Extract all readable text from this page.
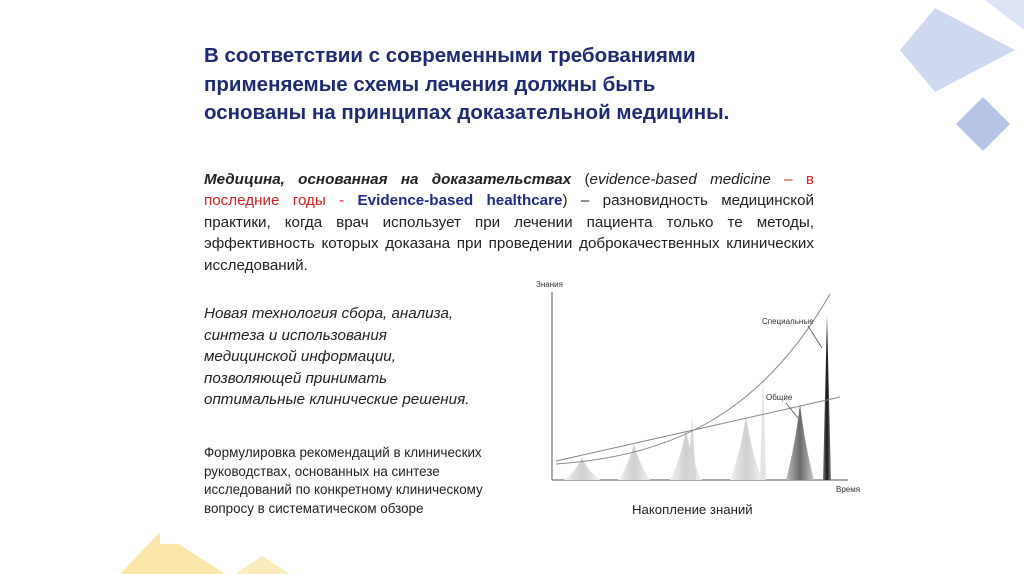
В соответствии с современными требованиями
применяемые схемы лечения должны быть
основаны на принципах доказательной медицины.

Медицина, основанная на доказательствах (evidence-based medicine – в последние годы - Evidence-based healthcare) – разновидность медицинской практики, когда врач использует при лечении пациента только те методы, эффективность которых доказана при проведении доброкачественных клинических исследований.

Новая технология сбора, анализа,
синтеза и использования
медицинской информации,
позволяющей принимать
оптимальные клинические решения.

Формулировка рекомендаций в клинических
руководствах, основанных на синтезе
исследований по конкретному клиническому
вопросу в систематическом обзоре

Знания
Время
Специальные
Общие

Накопление знаний
